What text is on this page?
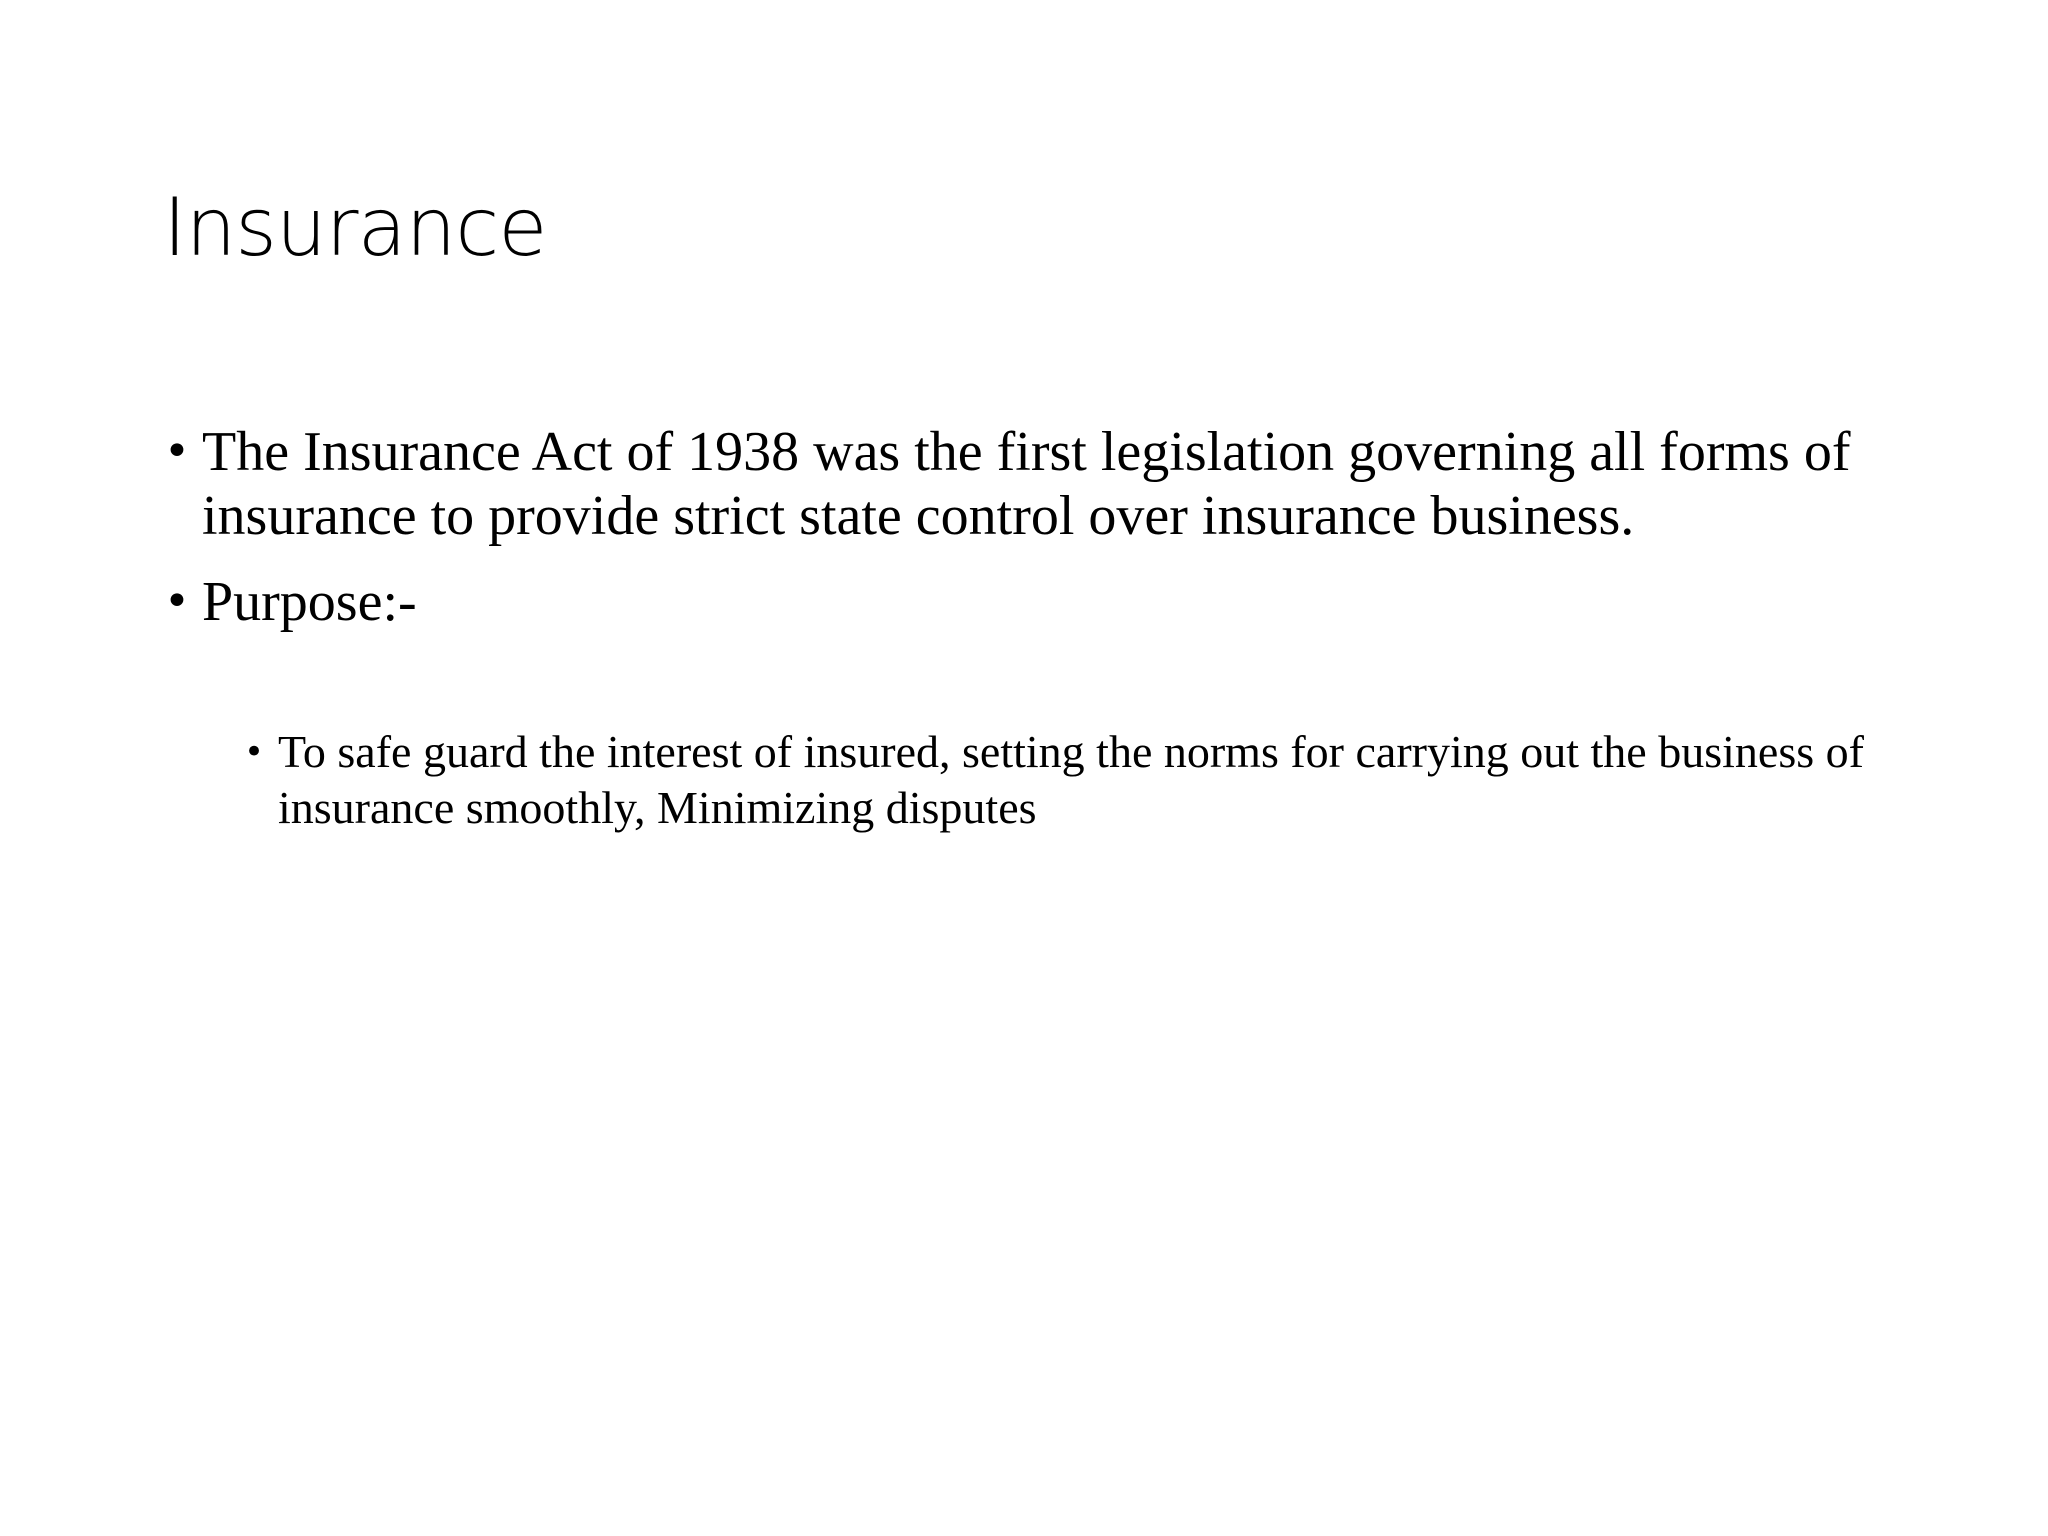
Insurance
• The Insurance Act of 1938 was the first legislation governing all forms of insurance to provide strict state control over insurance business.
• Purpose:-
• To safe guard the interest of insured, setting the norms for carrying out the business of insurance smoothly, Minimizing disputes
